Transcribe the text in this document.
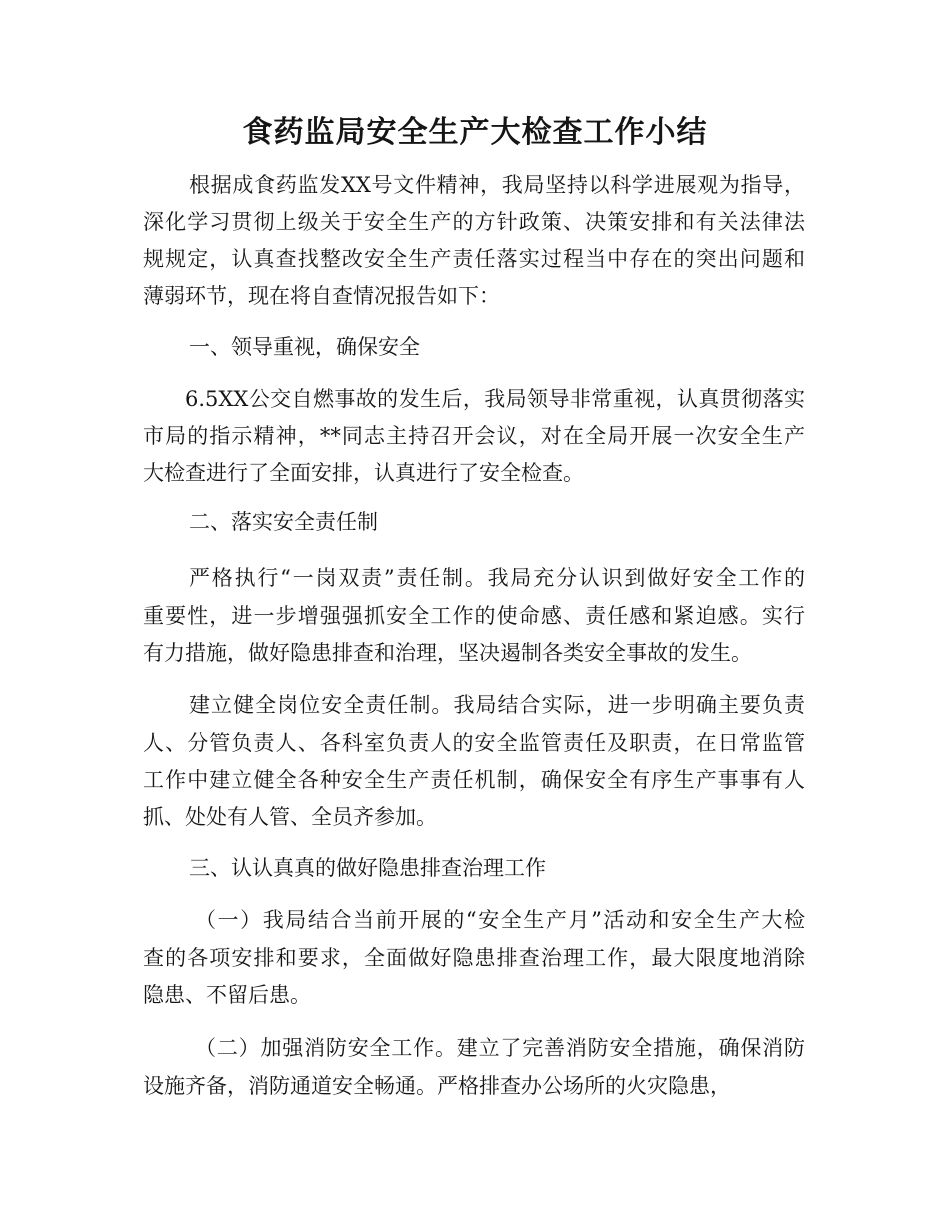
食药监局安全生产大检查工作小结
根据成食药监发XX号文件精神，我局坚持以科学进展观为指导，
深化学习贯彻上级关于安全生产的方针政策、决策安排和有关法律法
规规定，认真查找整改安全生产责任落实过程当中存在的突出问题和
薄弱环节，现在将自查情况报告如下：
一、领导重视，确保安全
6.5XX公交自燃事故的发生后，我局领导非常重视，认真贯彻落实
市局的指示精神，**同志主持召开会议，对在全局开展一次安全生产
大检查进行了全面安排，认真进行了安全检查。
二、落实安全责任制
严格执行“一岗双责”责任制。我局充分认识到做好安全工作的
重要性，进一步增强强抓安全工作的使命感、责任感和紧迫感。实行
有力措施，做好隐患排查和治理，坚决遏制各类安全事故的发生。
建立健全岗位安全责任制。我局结合实际，进一步明确主要负责
人、分管负责人、各科室负责人的安全监管责任及职责，在日常监管
工作中建立健全各种安全生产责任机制，确保安全有序生产事事有人
抓、处处有人管、全员齐参加。
三、认认真真的做好隐患排查治理工作
（一）我局结合当前开展的“安全生产月”活动和安全生产大检
查的各项安排和要求，全面做好隐患排查治理工作，最大限度地消除
隐患、不留后患。
（二）加强消防安全工作。建立了完善消防安全措施，确保消防
设施齐备，消防通道安全畅通。严格排查办公场所的火灾隐患，
